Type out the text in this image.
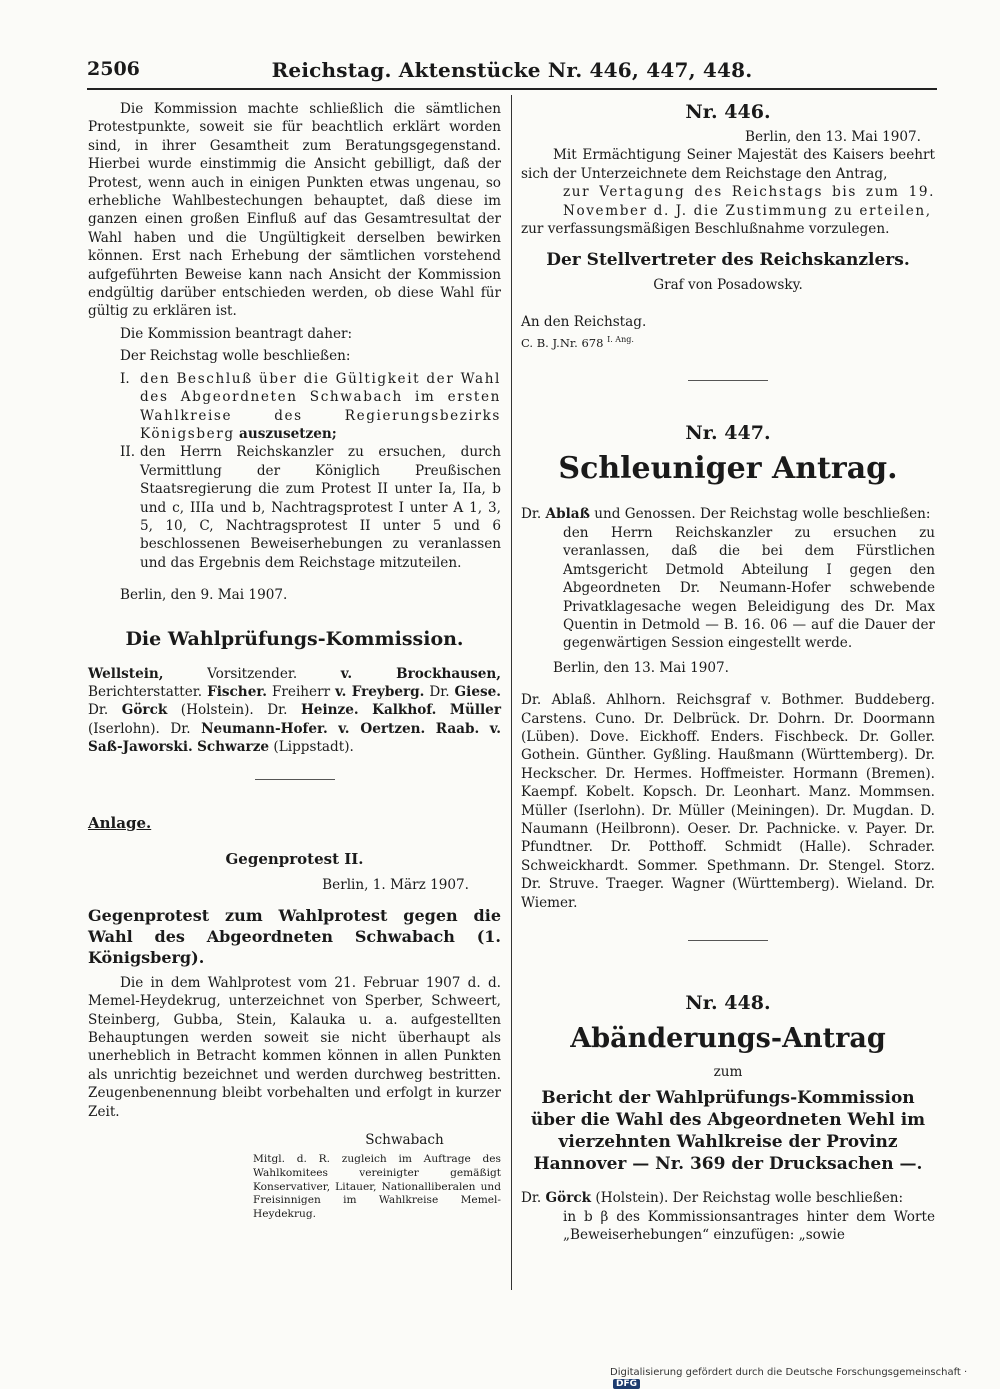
2506	Reichstag. Aktenstücke Nr. 446, 447, 448.

Die Kommission machte schließlich die sämtlichen Protestpunkte, soweit sie für beachtlich erklärt worden sind, in ihrer Gesamtheit zum Beratungsgegenstand. Hierbei wurde einstimmig die Ansicht gebilligt, daß der Protest, wenn auch in einigen Punkten etwas ungenau, so erhebliche Wahlbestechungen behauptet, daß diese im ganzen einen großen Einfluß auf das Gesamtresultat der Wahl haben und die Ungültigkeit derselben bewirken können. Erst nach Erhebung der sämtlichen vorstehend aufgeführten Beweise kann nach Ansicht der Kommission endgültig darüber entschieden werden, ob diese Wahl für gültig zu erklären ist.

Die Kommission beantragt daher:

Der Reichstag wolle beschließen:

I. den Beschluß über die Gültigkeit der Wahl des Abgeordneten Schwabach im ersten Wahlkreise des Regierungsbezirks Königsberg auszusetzen;
II. den Herrn Reichskanzler zu ersuchen, durch Vermittlung der Königlich Preußischen Staatsregierung die zum Protest II unter Ia, IIa, b und c, IIIa und b, Nachtragsprotest I unter A 1, 3, 5, 10, C, Nachtragsprotest II unter 5 und 6 beschlossenen Beweiserhebungen zu veranlassen und das Ergebnis dem Reichstage mitzuteilen.

Berlin, den 9. Mai 1907.

Die Wahlprüfungs-Kommission.

Wellstein, Vorsitzender. v. Brockhausen, Berichterstatter. Fischer. Freiherr v. Freyberg. Dr. Giese. Dr. Görck (Holstein). Dr. Heinze. Kalkhof. Müller (Iserlohn). Dr. Neumann-Hofer. v. Oertzen. Raab. v. Saß-Jaworski. Schwarze (Lippstadt).

Anlage.

Gegenprotest II.

Berlin, 1. März 1907.

Gegenprotest zum Wahlprotest gegen die Wahl des Abgeordneten Schwabach (1. Königsberg).

Die in dem Wahlprotest vom 21. Februar 1907 d. d. Memel-Heydekrug, unterzeichnet von Sperber, Schweert, Steinberg, Gubba, Stein, Kalauka u. a. aufgestellten Behauptungen werden soweit sie nicht überhaupt als unerheblich in Betracht kommen können in allen Punkten als unrichtig bezeichnet und werden durchweg bestritten. Zeugenbenennung bleibt vorbehalten und erfolgt in kurzer Zeit.

Schwabach

Mitgl. d. R. zugleich im Auftrage des Wahlkomitees vereinigter gemäßigt Konservativer, Litauer, Nationalliberalen und Freisinnigen im Wahlkreise Memel-Heydekrug.

Nr. 446.

Berlin, den 13. Mai 1907.

Mit Ermächtigung Seiner Majestät des Kaisers beehrt sich der Unterzeichnete dem Reichstage den Antrag,

zur Vertagung des Reichstags bis zum 19. November d. J. die Zustimmung zu erteilen,

zur verfassungsmäßigen Beschlußnahme vorzulegen.

Der Stellvertreter des Reichskanzlers.

Graf von Posadowsky.

An den Reichstag.

C. B. J.Nr. 678 $^{I. Ang.}$

Nr. 447.

Schleuniger Antrag.

Dr. Ablaß und Genossen. Der Reichstag wolle beschließen:

den Herrn Reichskanzler zu ersuchen zu veranlassen, daß die bei dem Fürstlichen Amtsgericht Detmold Abteilung I gegen den Abgeordneten Dr. Neumann-Hofer schwebende Privatklagesache wegen Beleidigung des Dr. Max Quentin in Detmold — B. 16. 06 — auf die Dauer der gegenwärtigen Session eingestellt werde.

Berlin, den 13. Mai 1907.

Dr. Ablaß. Ahlhorn. Reichsgraf v. Bothmer. Buddeberg. Carstens. Cuno. Dr. Delbrück. Dr. Dohrn. Dr. Doormann (Lüben). Dove. Eickhoff. Enders. Fischbeck. Dr. Goller. Gothein. Günther. Gyßling. Haußmann (Württemberg). Dr. Heckscher. Dr. Hermes. Hoffmeister. Hormann (Bremen). Kaempf. Kobelt. Kopsch. Dr. Leonhart. Manz. Mommsen. Müller (Iserlohn). Dr. Müller (Meiningen). Dr. Mugdan. D. Naumann (Heilbronn). Oeser. Dr. Pachnicke. v. Payer. Dr. Pfundtner. Dr. Potthoff. Schmidt (Halle). Schrader. Schweickhardt. Sommer. Spethmann. Dr. Stengel. Storz. Dr. Struve. Traeger. Wagner (Württemberg). Wieland. Dr. Wiemer.

Nr. 448.

Abänderungs-Antrag

zum

Bericht der Wahlprüfungs-Kommission über die Wahl des Abgeordneten Wehl im vierzehnten Wahlkreise der Provinz Hannover — Nr. 369 der Drucksachen —.

Dr. Görck (Holstein). Der Reichstag wolle beschließen:

in b β des Kommissionsantrages hinter dem Worte „Beweiserhebungen“ einzufügen: „sowie

Digitalisierung gefördert durch die Deutsche Forschungsgemeinschaft · DFG
